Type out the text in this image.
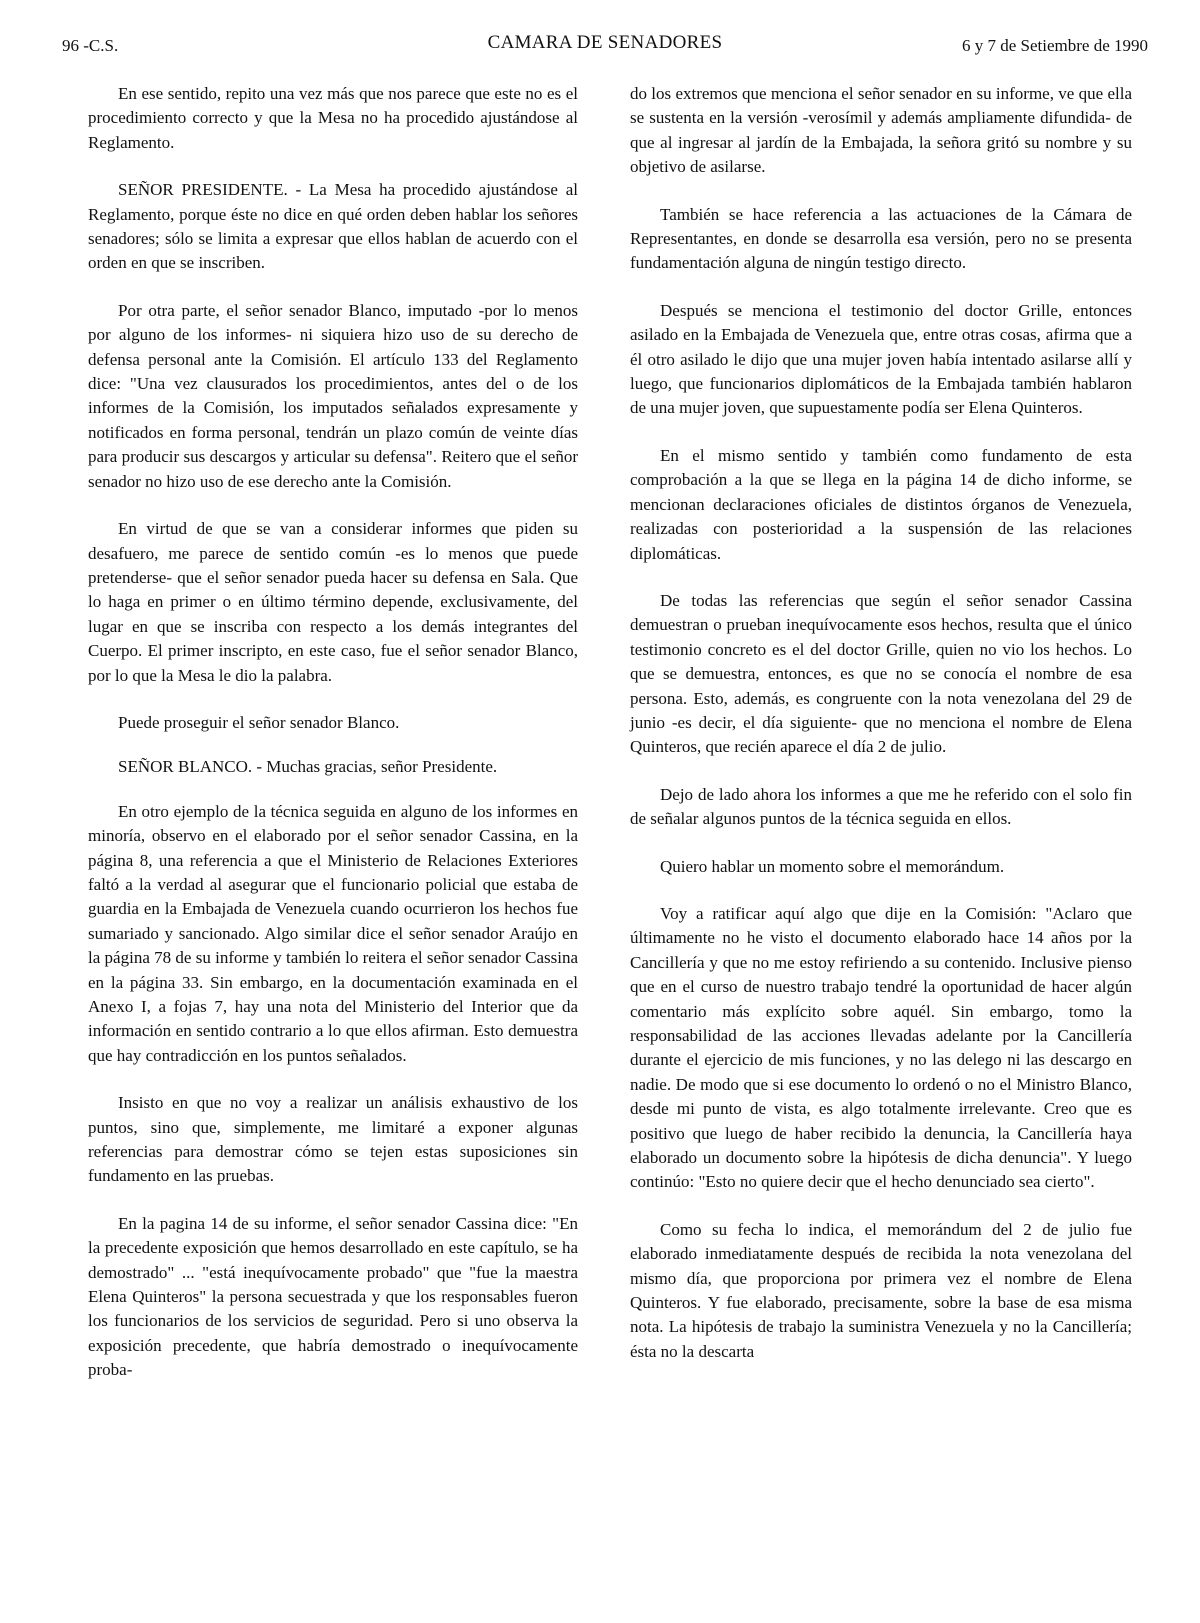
96 -C.S.	CAMARA DE SENADORES	6 y 7 de Setiembre de 1990

En ese sentido, repito una vez más que nos parece que este no es el procedimiento correcto y que la Mesa no ha procedido ajustándose al Reglamento.

SEÑOR PRESIDENTE. - La Mesa ha procedido ajustándose al Reglamento, porque éste no dice en qué orden deben hablar los señores senadores; sólo se limita a expresar que ellos hablan de acuerdo con el orden en que se inscriben.

Por otra parte, el señor senador Blanco, imputado -por lo menos por alguno de los informes- ni siquiera hizo uso de su derecho de defensa personal ante la Comisión. El artículo 133 del Reglamento dice: "Una vez clausurados los procedimientos, antes del o de los informes de la Comisión, los imputados señalados expresamente y notificados en forma personal, tendrán un plazo común de veinte días para producir sus descargos y articular su defensa". Reitero que el señor senador no hizo uso de ese derecho ante la Comisión.

En virtud de que se van a considerar informes que piden su desafuero, me parece de sentido común -es lo menos que puede pretenderse- que el señor senador pueda hacer su defensa en Sala. Que lo haga en primer o en último término depende, exclusivamente, del lugar en que se inscriba con respecto a los demás integrantes del Cuerpo. El primer inscripto, en este caso, fue el señor senador Blanco, por lo que la Mesa le dio la palabra.

Puede proseguir el señor senador Blanco.

SEÑOR BLANCO. - Muchas gracias, señor Presidente.

En otro ejemplo de la técnica seguida en alguno de los informes en minoría, observo en el elaborado por el señor senador Cassina, en la página 8, una referencia a que el Ministerio de Relaciones Exteriores faltó a la verdad al asegurar que el funcionario policial que estaba de guardia en la Embajada de Venezuela cuando ocurrieron los hechos fue sumariado y sancionado. Algo similar dice el señor senador Araújo en la página 78 de su informe y también lo reitera el señor senador Cassina en la página 33. Sin embargo, en la documentación examinada en el Anexo I, a fojas 7, hay una nota del Ministerio del Interior que da información en sentido contrario a lo que ellos afirman. Esto demuestra que hay contradicción en los puntos señalados.

Insisto en que no voy a realizar un análisis exhaustivo de los puntos, sino que, simplemente, me limitaré a exponer algunas referencias para demostrar cómo se tejen estas suposiciones sin fundamento en las pruebas.

En la pagina 14 de su informe, el señor senador Cassina dice: "En la precedente exposición que hemos desarrollado en este capítulo, se ha demostrado" ... "está inequívocamente probado" que "fue la maestra Elena Quinteros" la persona secuestrada y que los responsables fueron los funcionarios de los servicios de seguridad. Pero si uno observa la exposición precedente, que habría demostrado o inequívocamente proba-

do los extremos que menciona el señor senador en su informe, ve que ella se sustenta en la versión -verosímil y además ampliamente difundida- de que al ingresar al jardín de la Embajada, la señora gritó su nombre y su objetivo de asilarse.

También se hace referencia a las actuaciones de la Cámara de Representantes, en donde se desarrolla esa versión, pero no se presenta fundamentación alguna de ningún testigo directo.

Después se menciona el testimonio del doctor Grille, entonces asilado en la Embajada de Venezuela que, entre otras cosas, afirma que a él otro asilado le dijo que una mujer joven había intentado asilarse allí y luego, que funcionarios diplomáticos de la Embajada también hablaron de una mujer joven, que supuestamente podía ser Elena Quinteros.

En el mismo sentido y también como fundamento de esta comprobación a la que se llega en la página 14 de dicho informe, se mencionan declaraciones oficiales de distintos órganos de Venezuela, realizadas con posterioridad a la suspensión de las relaciones diplomáticas.

De todas las referencias que según el señor senador Cassina demuestran o prueban inequívocamente esos hechos, resulta que el único testimonio concreto es el del doctor Grille, quien no vio los hechos. Lo que se demuestra, entonces, es que no se conocía el nombre de esa persona. Esto, además, es congruente con la nota venezolana del 29 de junio -es decir, el día siguiente- que no menciona el nombre de Elena Quinteros, que recién aparece el día 2 de julio.

Dejo de lado ahora los informes a que me he referido con el solo fin de señalar algunos puntos de la técnica seguida en ellos.

Quiero hablar un momento sobre el memorándum.

Voy a ratificar aquí algo que dije en la Comisión: "Aclaro que últimamente no he visto el documento elaborado hace 14 años por la Cancillería y que no me estoy refiriendo a su contenido. Inclusive pienso que en el curso de nuestro trabajo tendré la oportunidad de hacer algún comentario más explícito sobre aquél. Sin embargo, tomo la responsabilidad de las acciones llevadas adelante por la Cancillería durante el ejercicio de mis funciones, y no las delego ni las descargo en nadie. De modo que si ese documento lo ordenó o no el Ministro Blanco, desde mi punto de vista, es algo totalmente irrelevante. Creo que es positivo que luego de haber recibido la denuncia, la Cancillería haya elaborado un documento sobre la hipótesis de dicha denuncia". Y luego continúo: "Esto no quiere decir que el hecho denunciado sea cierto".

Como su fecha lo indica, el memorándum del 2 de julio fue elaborado inmediatamente después de recibida la nota venezolana del mismo día, que proporciona por primera vez el nombre de Elena Quinteros. Y fue elaborado, precisamente, sobre la base de esa misma nota. La hipótesis de trabajo la suministra Venezuela y no la Cancillería; ésta no la descarta
